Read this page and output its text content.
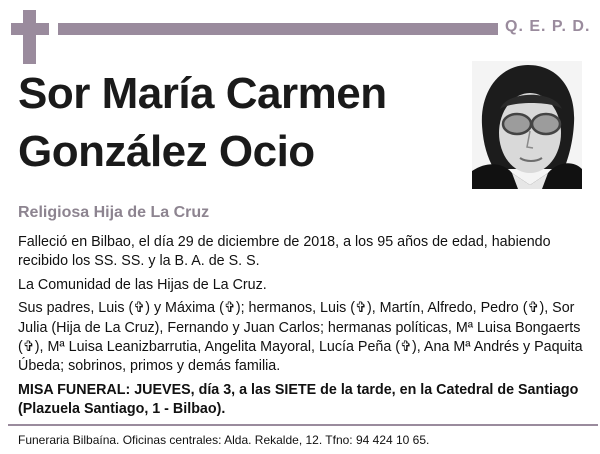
Q. E. P. D.
Sor María Carmen
González Ocio
Religiosa Hija de La Cruz

Falleció en Bilbao, el día 29 de diciembre de 2018, a los 95 años de edad, habiendo recibido los SS. SS. y la B. A. de S. S.

La Comunidad de las Hijas de La Cruz.

Sus padres, Luis (✞) y Máxima (✞); hermanos, Luis (✞), Martín, Alfredo, Pedro (✞), Sor Julia (Hija de La Cruz), Fernando y Juan Carlos; hermanas políticas, Mª Luisa Bongaerts (✞), Mª Luisa Leanizbarrutia, Angelita Mayoral, Lucía Peña (✞), Ana Mª Andrés y Paquita Úbeda; sobrinos, primos y demás familia.

MISA FUNERAL: JUEVES, día 3, a las SIETE de la tarde, en la Catedral de Santiago (Plazuela Santiago, 1 - Bilbao).

Funeraria Bilbaína. Oficinas centrales: Alda. Rekalde, 12. Tfno: 94 424 10 65.
